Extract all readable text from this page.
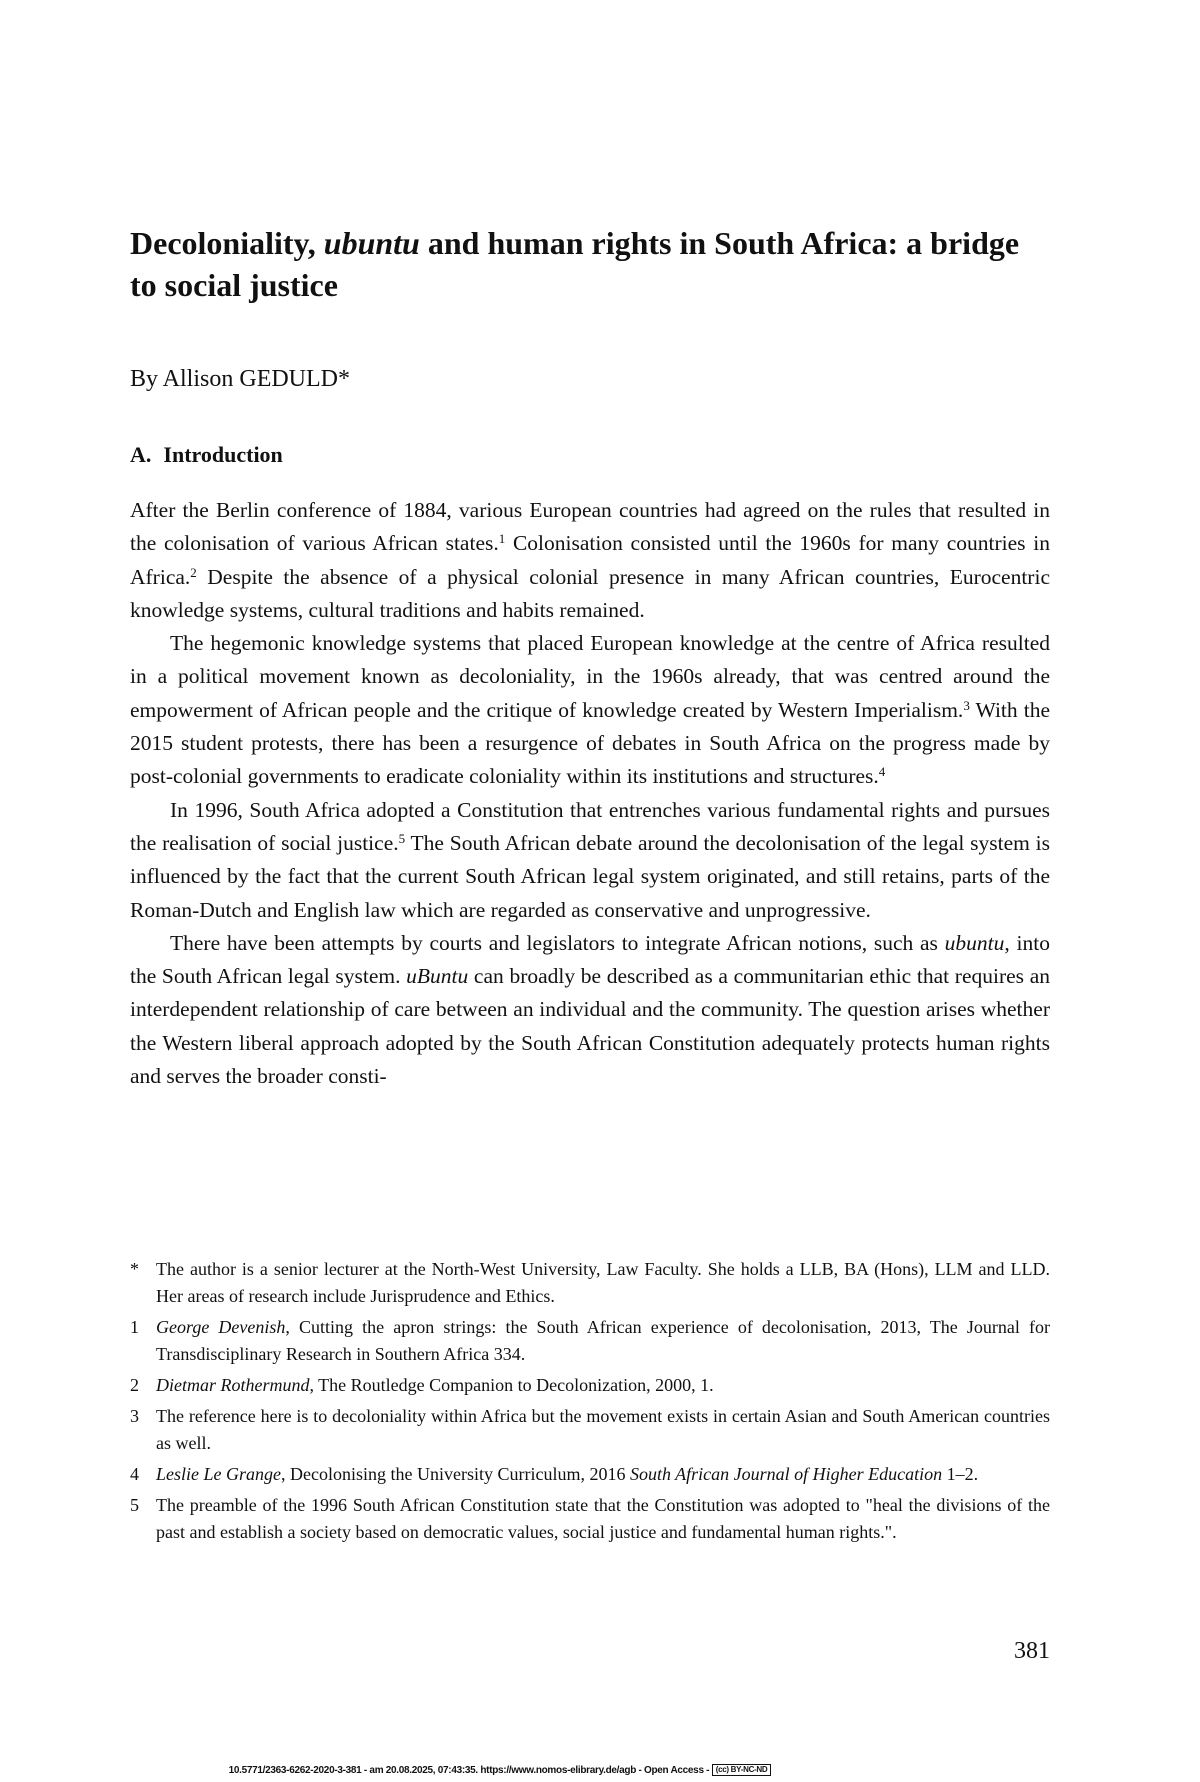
Decoloniality, ubuntu and human rights in South Africa: a bridge to social justice

By Allison GEDULD*

A. Introduction

After the Berlin conference of 1884, various European countries had agreed on the rules that resulted in the colonisation of various African states.$^1$ Colonisation consisted until the 1960s for many countries in Africa.$^2$ Despite the absence of a physical colonial presence in many African countries, Eurocentric knowledge systems, cultural traditions and habits remained.

The hegemonic knowledge systems that placed European knowledge at the centre of Africa resulted in a political movement known as decoloniality, in the 1960s already, that was centred around the empowerment of African people and the critique of knowledge created by Western Imperialism.$^3$ With the 2015 student protests, there has been a resurgence of debates in South Africa on the progress made by post-colonial governments to eradicate coloniality within its institutions and structures.$^4$

In 1996, South Africa adopted a Constitution that entrenches various fundamental rights and pursues the realisation of social justice.$^5$ The South African debate around the decolonisation of the legal system is influenced by the fact that the current South African legal system originated, and still retains, parts of the Roman-Dutch and English law which are regarded as conservative and unprogressive.

There have been attempts by courts and legislators to integrate African notions, such as ubuntu, into the South African legal system. uBuntu can broadly be described as a communitarian ethic that requires an interdependent relationship of care between an individual and the community. The question arises whether the Western liberal approach adopted by the South African Constitution adequately protects human rights and serves the broader consti-

* The author is a senior lecturer at the North-West University, Law Faculty. She holds a LLB, BA (Hons), LLM and LLD. Her areas of research include Jurisprudence and Ethics.
1 George Devenish, Cutting the apron strings: the South African experience of decolonisation, 2013, The Journal for Transdisciplinary Research in Southern Africa 334.
2 Dietmar Rothermund, The Routledge Companion to Decolonization, 2000, 1.
3 The reference here is to decoloniality within Africa but the movement exists in certain Asian and South American countries as well.
4 Leslie Le Grange, Decolonising the University Curriculum, 2016 South African Journal of Higher Education 1–2.
5 The preamble of the 1996 South African Constitution state that the Constitution was adopted to "heal the divisions of the past and establish a society based on democratic values, social justice and fundamental human rights.".
381
10.5771/2363-6262-2020-3-381 - am 20.08.2025, 07:43:35. https://www.nomos-elibrary.de/agb - Open Access - (cc) BY-NC-ND
